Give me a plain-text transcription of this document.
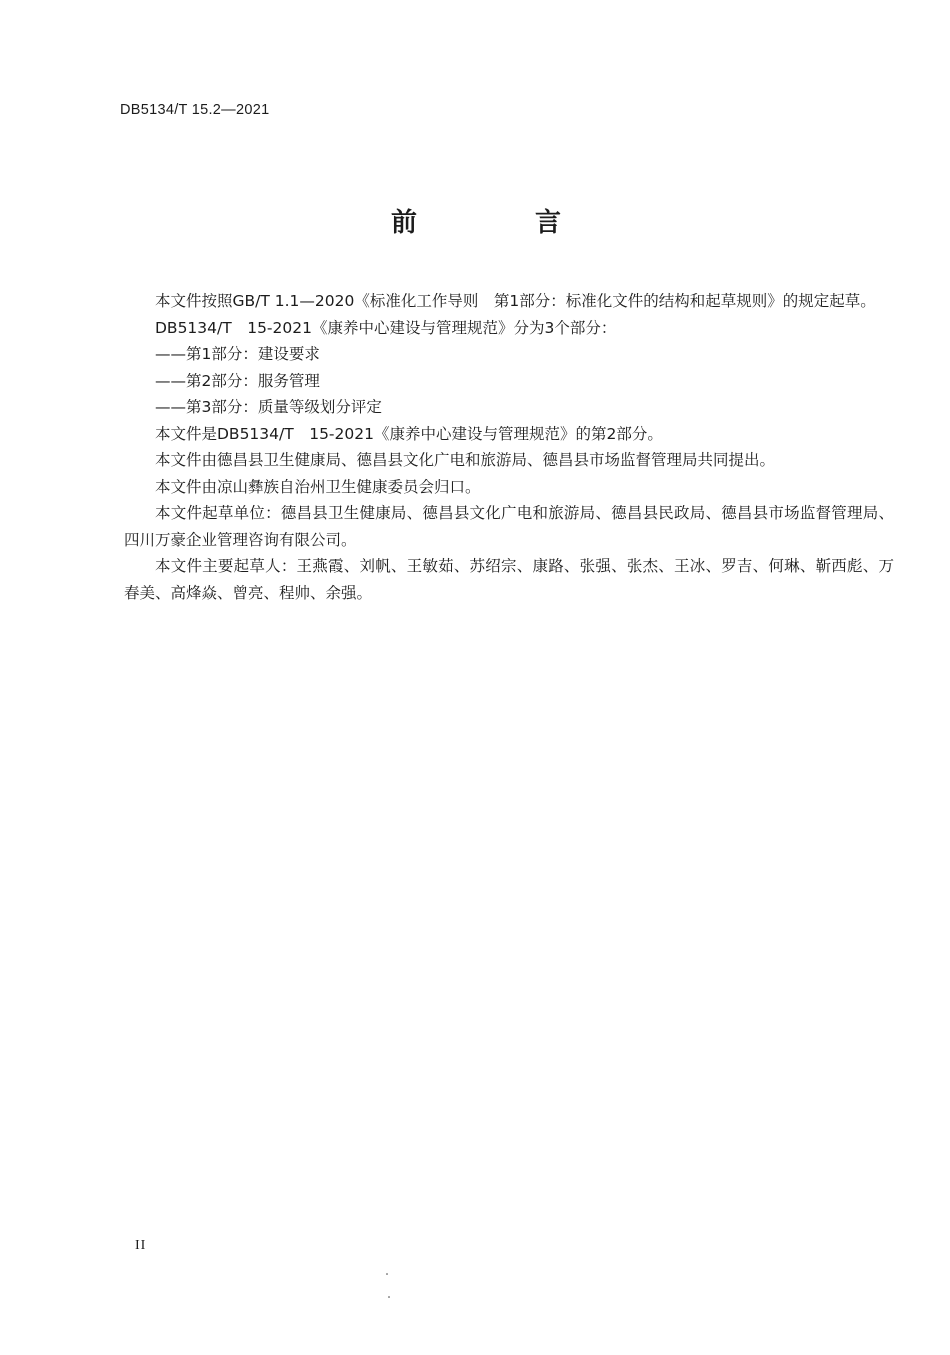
DB5134/T 15.2—2021
前　言

本文件按照GB/T 1.1—2020《标准化工作导则　第1部分：标准化文件的结构和起草规则》的规定起草。

DB5134/T　15-2021《康养中心建设与管理规范》分为3个部分：

——第1部分：建设要求

——第2部分：服务管理

——第3部分：质量等级划分评定

本文件是DB5134/T　15-2021《康养中心建设与管理规范》的第2部分。

本文件由德昌县卫生健康局、德昌县文化广电和旅游局、德昌县市场监督管理局共同提出。

本文件由凉山彝族自治州卫生健康委员会归口。

本文件起草单位：德昌县卫生健康局、德昌县文化广电和旅游局、德昌县民政局、德昌县市场监督管理局、四川万豪企业管理咨询有限公司。

本文件主要起草人：王燕霞、刘帆、王敏茹、苏绍宗、康路、张强、张杰、王冰、罗吉、何琳、靳西彪、万春美、高烽焱、曾亮、程帅、余强。

II
